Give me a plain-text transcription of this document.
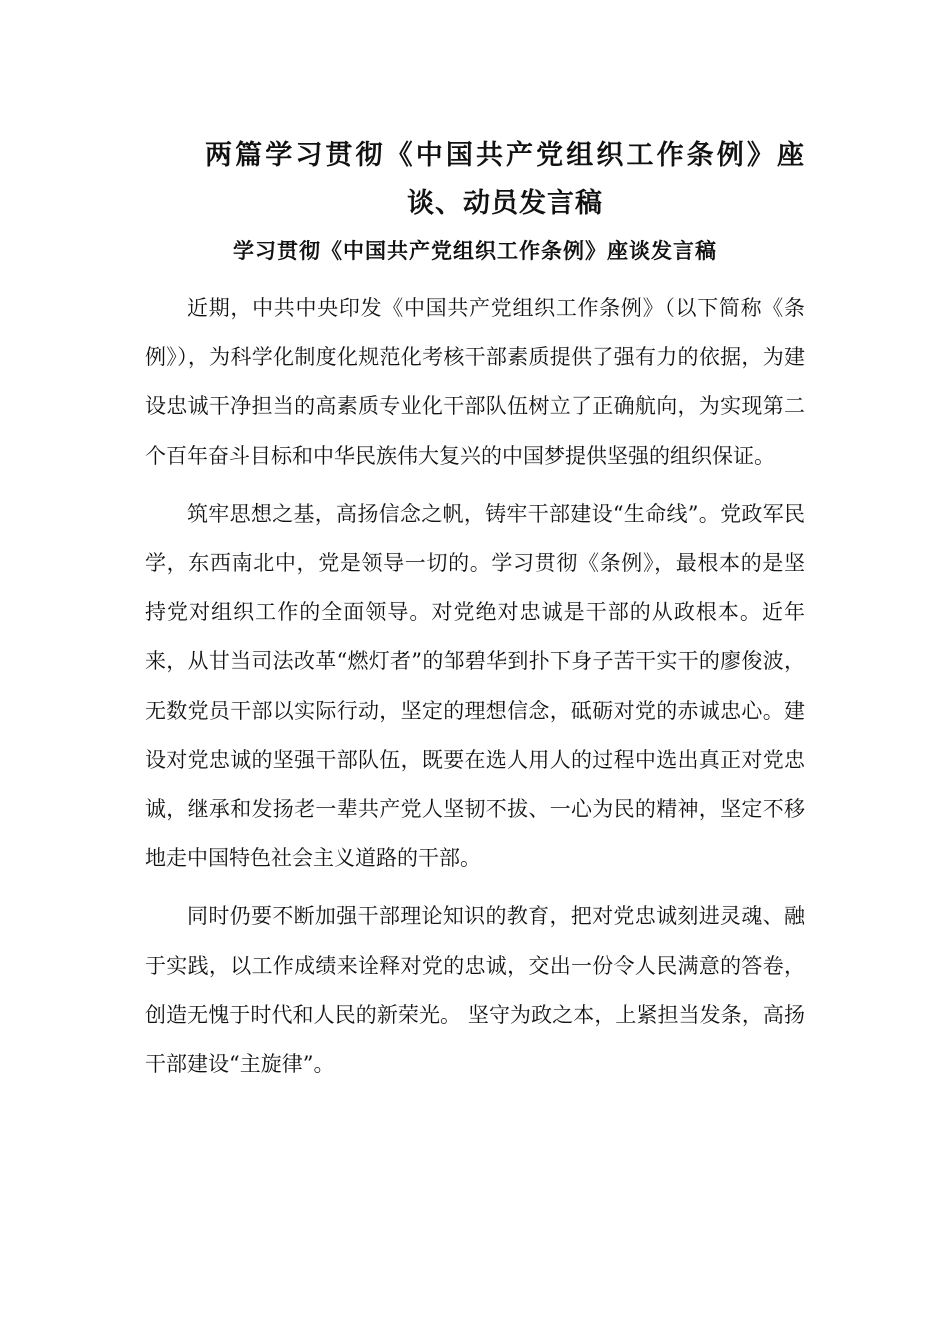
两篇学习贯彻《中国共产党组织工作条例》座谈、动员发言稿
学习贯彻《中国共产党组织工作条例》座谈发言稿

近期，中共中央印发《中国共产党组织工作条例》（以下简称《条例》），为科学化制度化规范化考核干部素质提供了强有力的依据，为建设忠诚干净担当的高素质专业化干部队伍树立了正确航向，为实现第二个百年奋斗目标和中华民族伟大复兴的中国梦提供坚强的组织保证。

筑牢思想之基，高扬信念之帆，铸牢干部建设“生命线”。党政军民学，东西南北中，党是领导一切的。学习贯彻《条例》，最根本的是坚持党对组织工作的全面领导。对党绝对忠诚是干部的从政根本。近年来，从甘当司法改革“燃灯者”的邹碧华到扑下身子苦干实干的廖俊波，无数党员干部以实际行动，坚定的理想信念，砥砺对党的赤诚忠心。建设对党忠诚的坚强干部队伍，既要在选人用人的过程中选出真正对党忠诚，继承和发扬老一辈共产党人坚韧不拔、一心为民的精神，坚定不移地走中国特色社会主义道路的干部。

同时仍要不断加强干部理论知识的教育，把对党忠诚刻进灵魂、融于实践，以工作成绩来诠释对党的忠诚，交出一份令人民满意的答卷，创造无愧于时代和人民的新荣光。 坚守为政之本，上紧担当发条，高扬干部建设“主旋律”。
